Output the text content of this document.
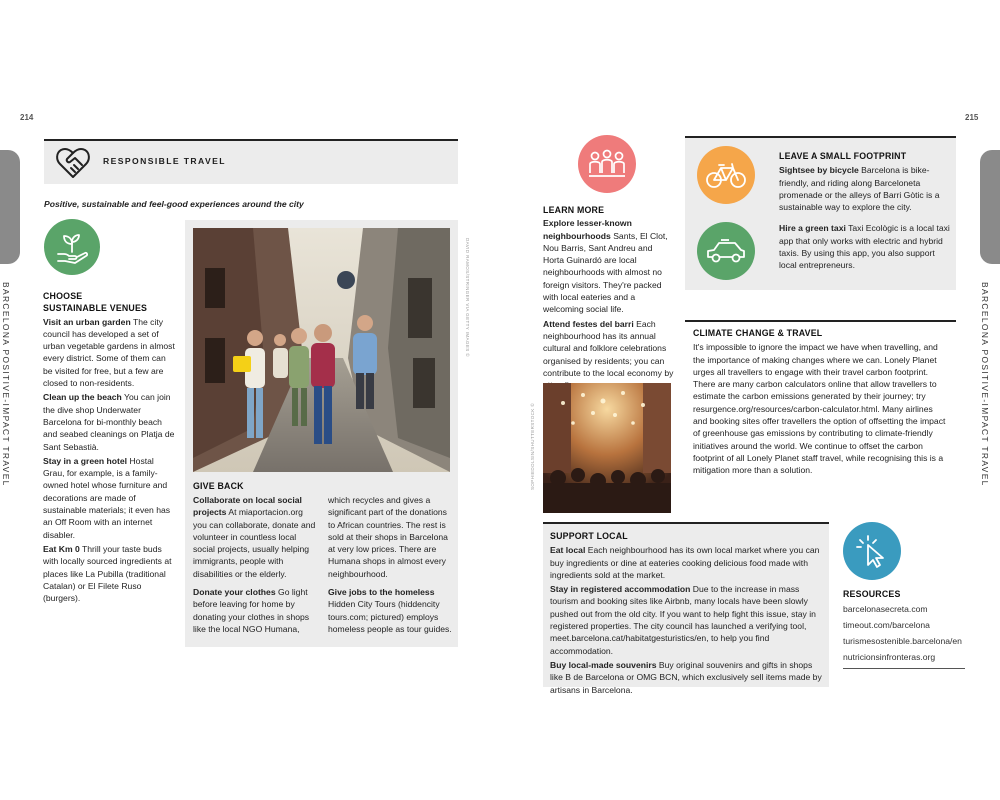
214
BARCELONA POSITIVE-IMPACT TRAVEL
RESPONSIBLE TRAVEL
Positive, sustainable and feel-good experiences around the city
CHOOSE
SUSTAINABLE VENUES
Visit an urban garden The city council has developed a set of urban vegetable gardens in almost every district. Some of them can be visited for free, but a few are closed to non-residents.
Clean up the beach You can join the dive shop Underwater Barcelona for bi-monthly beach and seabed cleanings on Platja de Sant Sebastià.
Stay in a green hotel Hostal Grau, for example, is a family-owned hotel whose furniture and decorations are made of sustainable materials; it even has an Off Room with an internet disabler.
Eat Km 0 Thrill your taste buds with locally sourced ingredients at places like La Pubilla (traditional Catalan) or El Filete Ruso (burgers).
DAVID RAMOS/STRINGER VIA GETTY IMAGES ©
GIVE BACK
Collaborate on local social projects At miaportacion.org you can collaborate, donate and volunteer in countless local social projects, usually helping immigrants, people with disabilities or the elderly.
Donate your clothes Go light before leaving for home by donating your clothes in shops like the local NGO Humana,
which recycles and gives a significant part of the donations to African countries. The rest is sold at their shops in Barcelona at very low prices. There are Humana shops in almost every neighbourhood.
Give jobs to the homeless Hidden City Tours (hiddencity tours.com; pictured) employs homeless people as tour guides.
215
BARCELONA POSITIVE-IMPACT TRAVEL
LEARN MORE
Explore lesser-known neighbourhoods Sants, El Clot, Nou Barris, Sant Andreu and Horta Guinardó are local neighbourhoods with almost no foreign visitors. They're packed with local eateries and a welcoming social life.
Attend festes del barri Each neighbourhood has its annual cultural and folklore celebrations organised by residents; you can contribute to the local economy by
SOPHIEDOLSIN/SHUTTERSTOCK ©
LEAVE A SMALL FOOTPRINT
Sightsee by bicycle Barcelona is bike-friendly, and riding along Barceloneta promenade or the alleys of Barri Gòtic is a sustainable way to explore the city.
Hire a green taxi Taxi Ecològic is a local taxi app that only works with electric and hybrid taxis. By using this app, you also support local entrepreneurs.
CLIMATE CHANGE & TRAVEL
It's impossible to ignore the impact we have when travelling, and the importance of making changes where we can. Lonely Planet urges all travellers to engage with their travel carbon footprint. There are many carbon calculators online that allow travellers to estimate the carbon emissions generated by their journey; try resurgence.org/resources/carbon-calculator.html. Many airlines and booking sites offer travellers the option of offsetting the impact of greenhouse gas emissions by contributing to climate-friendly initiatives around the world. We continue to offset the carbon footprint of all Lonely Planet staff travel, while recognising this is a mitigation more than a solution.
SUPPORT LOCAL
Eat local Each neighbourhood has its own local market where you can buy ingredients or dine at eateries cooking delicious food made with ingredients sold at the market.
Stay in registered accommodation Due to the increase in mass tourism and booking sites like Airbnb, many locals have been slowly pushed out from the old city. If you want to help fight this issue, stay in registered properties. The city council has launched a verifying tool, meet.barcelona.cat/habitatgesturistics/en, to help you find accommodation.
Buy local-made souvenirs Buy original souvenirs and gifts in shops like B de Barcelona or OMG BCN, which exclusively sell items made by artisans in Barcelona.
RESOURCES
barcelonasecreta.com
timeout.com/barcelona
turismesostenible.barcelona/en
nutricionsinfronteras.org
